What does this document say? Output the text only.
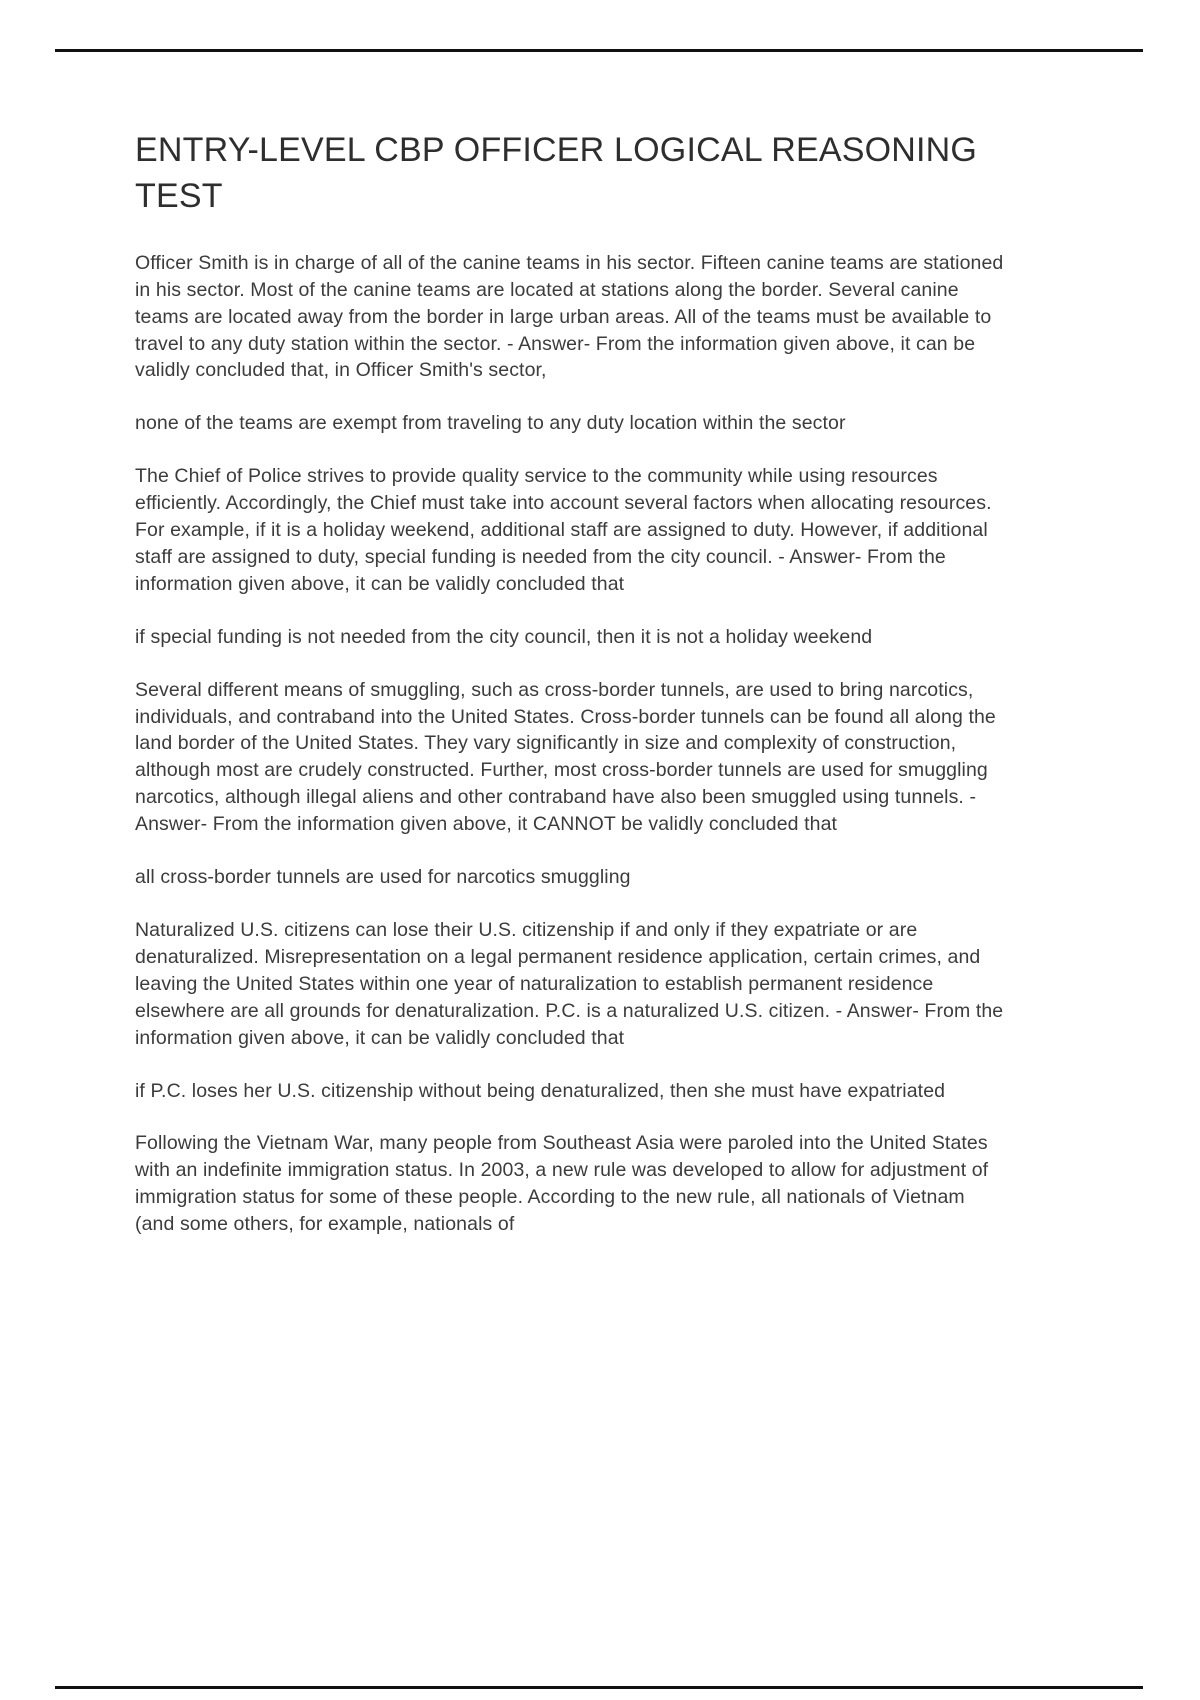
ENTRY-LEVEL CBP OFFICER LOGICAL REASONING TEST

Officer Smith is in charge of all of the canine teams in his sector. Fifteen canine teams are stationed in his sector. Most of the canine teams are located at stations along the border. Several canine teams are located away from the border in large urban areas. All of the teams must be available to travel to any duty station within the sector. - Answer- From the information given above, it can be validly concluded that, in Officer Smith's sector,

none of the teams are exempt from traveling to any duty location within the sector

The Chief of Police strives to provide quality service to the community while using resources efficiently. Accordingly, the Chief must take into account several factors when allocating resources. For example, if it is a holiday weekend, additional staff are assigned to duty. However, if additional staff are assigned to duty, special funding is needed from the city council. - Answer- From the information given above, it can be validly concluded that

if special funding is not needed from the city council, then it is not a holiday weekend

Several different means of smuggling, such as cross-border tunnels, are used to bring narcotics, individuals, and contraband into the United States. Cross-border tunnels can be found all along the land border of the United States. They vary significantly in size and complexity of construction, although most are crudely constructed. Further, most cross-border tunnels are used for smuggling narcotics, although illegal aliens and other contraband have also been smuggled using tunnels. - Answer- From the information given above, it CANNOT be validly concluded that

all cross-border tunnels are used for narcotics smuggling

Naturalized U.S. citizens can lose their U.S. citizenship if and only if they expatriate or are denaturalized. Misrepresentation on a legal permanent residence application, certain crimes, and leaving the United States within one year of naturalization to establish permanent residence elsewhere are all grounds for denaturalization. P.C. is a naturalized U.S. citizen. - Answer- From the information given above, it can be validly concluded that

if P.C. loses her U.S. citizenship without being denaturalized, then she must have expatriated

Following the Vietnam War, many people from Southeast Asia were paroled into the United States with an indefinite immigration status. In 2003, a new rule was developed to allow for adjustment of immigration status for some of these people. According to the new rule, all nationals of Vietnam (and some others, for example, nationals of
